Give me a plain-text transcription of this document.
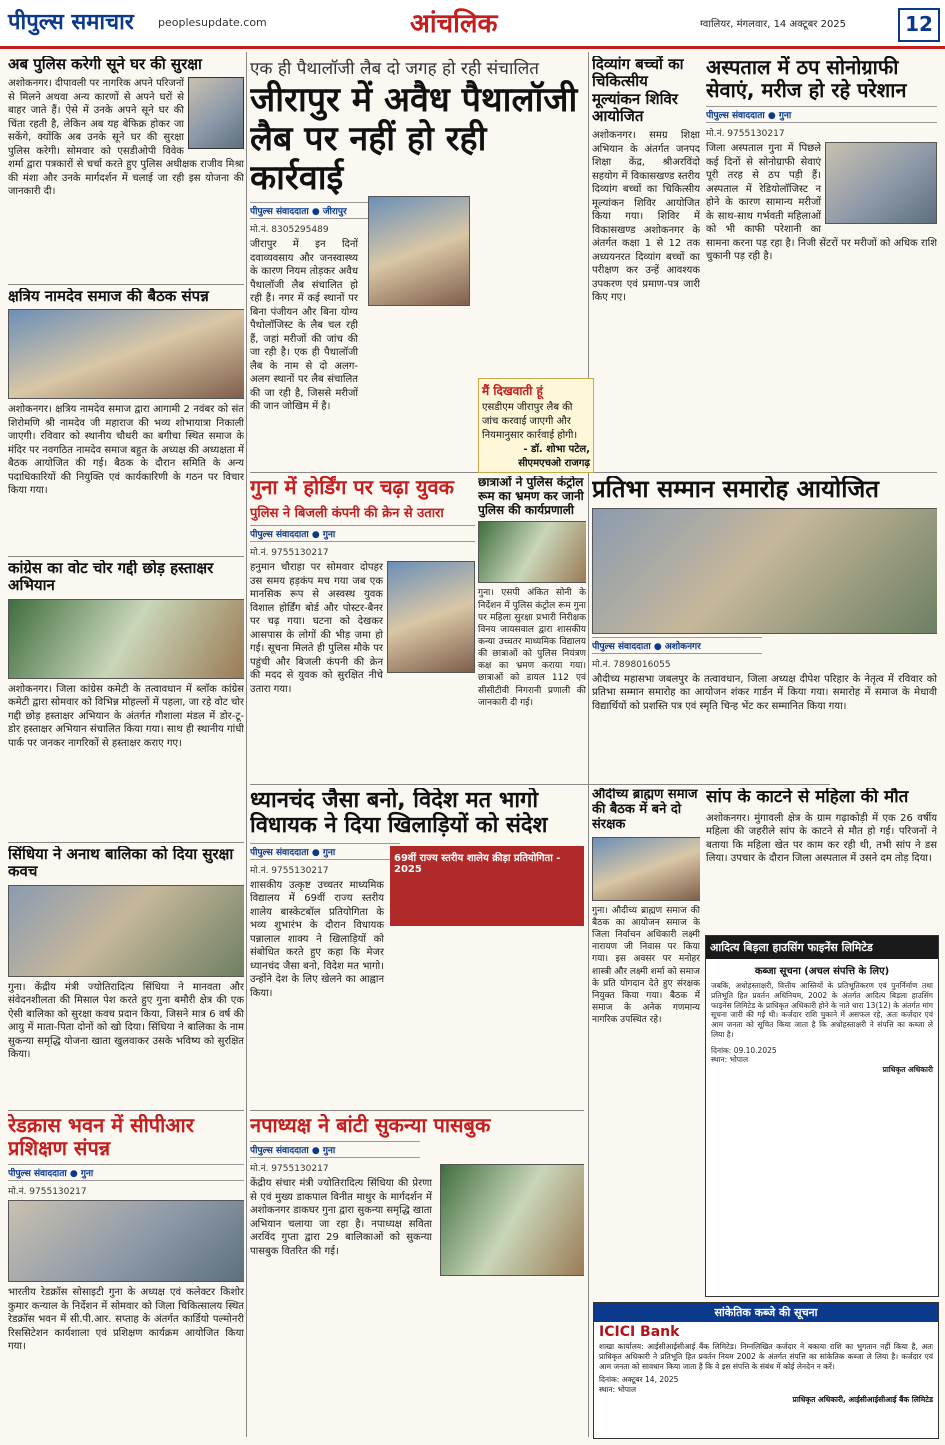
पीपुल्स समाचार peoplesupdate.com	आंचलिक	ग्वालियर, मंगलवार, 14 अक्टूबर 2025	12
अब पुलिस करेगी सूने घर की सुरक्षा
अशोकनगर। दीपावली पर नागरिक अपने परिजनों से मिलने अथवा अन्य कारणों से अपने घरों से बाहर जाते हैं। ऐसे में उनके अपने सूने घर की चिंता रहती है, लेकिन अब यह बेफिक्र होकर जा सकेंगे, क्योंकि अब उनके सूने घर की सुरक्षा पुलिस करेगी। सोमवार को एसडीओपी विवेक शर्मा द्वारा पत्रकारों से चर्चा करते हुए पुलिस अधीक्षक राजीव मिश्रा की मंशा और उनके मार्गदर्शन में चलाई जा रही इस योजना की जानकारी दी।
क्षत्रिय नामदेव समाज की बैठक संपन्न
अशोकनगर। क्षत्रिय नामदेव समाज द्वारा आगामी 2 नवंबर को संत शिरोमणि श्री नामदेव जी महाराज की भव्य शोभायात्रा निकाली जाएगी। रविवार को स्थानीय चौधरी का बगीचा स्थित समाज के मंदिर पर नवगठित नामदेव समाज बहुत के अध्यक्ष की अध्यक्षता में बैठक आयोजित की गई। बैठक के दौरान समिति के अन्य पदाधिकारियों की नियुक्ति एवं कार्यकारिणी के गठन पर विचार किया गया।
कांग्रेस का वोट चोर गद्दी छोड़ हस्ताक्षर अभियान
अशोकनगर। जिला कांग्रेस कमेटी के तत्वावधान में ब्लॉक कांग्रेस कमेटी द्वारा सोमवार को विभिन्न मोहल्लों में पहला, जा रहे वोट चोर गद्दी छोड़ हस्ताक्षर अभियान के अंतर्गत गौशाला मंडल में डोर-टू-डोर हस्ताक्षर अभियान संचालित किया गया। साथ ही स्थानीय गांधी पार्क पर जनकर नागरिकों से हस्ताक्षर कराए गए।
सिंधिया ने अनाथ बालिका को दिया सुरक्षा कवच
गुना। केंद्रीय मंत्री ज्योतिरादित्य सिंधिया ने मानवता और संवेदनशीलता की मिसाल पेश करते हुए गुना बमौरी क्षेत्र की एक ऐसी बालिका को सुरक्षा कवच प्रदान किया, जिसने मात्र 6 वर्ष की आयु में माता-पिता दोनों को खो दिया। सिंधिया ने बालिका के नाम सुकन्या समृद्धि योजना खाता खुलवाकर उसके भविष्य को सुरक्षित किया।
रेडक्रास भवन में सीपीआर प्रशिक्षण संपन्न
पीपुल्स संवाददाता ● गुना
मो.नं. 9755130217
भारतीय रेडक्रॉस सोसाइटी गुना के अध्यक्ष एवं कलेक्टर किशोर कुमार कन्याल के निर्देशन में सोमवार को जिला चिकित्सालय स्थित रेडक्रॉस भवन में सी.पी.आर. सप्ताह के अंतर्गत कार्डियो पल्मोनरी रिससिटेशन कार्यशाला एवं प्रशिक्षण कार्यक्रम आयोजित किया गया।
एक ही पैथालॉजी लैब दो जगह हो रही संचालित
जीरापुर में अवैध पैथालॉजी लैब पर नहीं हो रही कार्रवाई
पीपुल्स संवाददाता ● जीरापुर
मो.नं. 8305295489
जीरापुर में इन दिनों दवाव्यवसाय और जनस्वास्थ्य के कारण नियम तोड़कर अवैध पैथालॉजी लैब संचालित हो रही हैं। नगर में कई स्थानों पर बिना पंजीयन और बिना योग्य पैथोलॉजिस्ट के लैब चल रही हैं, जहां मरीजों की जांच की जा रही है। एक ही पैथालॉजी लैब के नाम से दो अलग-अलग स्थानों पर लैब संचालित की जा रही है, जिससे मरीजों की जान जोखिम में है।
मैं दिखवाती हूं
एसडीएम जीरापुर लैब की जांच करवाई जाएगी और नियमानुसार कार्रवाई होगी।
- डॉ. शोभा पटेल, सीएमएचओ राजगढ़
दिव्यांग बच्चों का चिकित्सीय मूल्यांकन शिविर आयोजित
अशोकनगर। समग्र शिक्षा अभियान के अंतर्गत जनपद शिक्षा केंद्र, श्रीअरविंदो सहयोग में विकासखण्ड स्तरीय दिव्यांग बच्चों का चिकित्सीय मूल्यांकन शिविर आयोजित किया गया। शिविर में विकासखण्ड अशोकनगर के अंतर्गत कक्षा 1 से 12 तक अध्ययनरत दिव्यांग बच्चों का परीक्षण कर उन्हें आवश्यक उपकरण एवं प्रमाण-पत्र जारी किए गए।
अस्पताल में ठप सोनोग्राफी सेवाएं, मरीज हो रहे परेशान
पीपुल्स संवाददाता ● गुना
मो.नं. 9755130217
जिला अस्पताल गुना में पिछले कई दिनों से सोनोग्राफी सेवाएं पूरी तरह से ठप पड़ी हैं। अस्पताल में रेडियोलॉजिस्ट न होने के कारण सामान्य मरीजों के साथ-साथ गर्भवती महिलाओं को भी काफी परेशानी का सामना करना पड़ रहा है। निजी सेंटरों पर मरीजों को अधिक राशि चुकानी पड़ रही है।
गुना में होर्डिंग पर चढ़ा युवक
पुलिस ने बिजली कंपनी की क्रेन से उतारा
पीपुल्स संवाददाता ● गुना
मो.नं. 9755130217
हनुमान चौराहा पर सोमवार दोपहर उस समय हड़कंप मच गया जब एक मानसिक रूप से अस्वस्थ युवक विशाल होर्डिंग बोर्ड और पोस्टर-बैनर पर चढ़ गया। घटना को देखकर आसपास के लोगों की भीड़ जमा हो गई। सूचना मिलते ही पुलिस मौके पर पहुंची और बिजली कंपनी की क्रेन की मदद से युवक को सुरक्षित नीचे उतारा गया।
छात्राओं ने पुलिस कंट्रोल रूम का भ्रमण कर जानी पुलिस की कार्यप्रणाली
गुना। एसपी अंकित सोनी के निर्देशन में पुलिस कंट्रोल रूम गुना पर महिला सुरक्षा प्रभारी निरीक्षक विनय जायसवाल द्वारा शासकीय कन्या उच्चतर माध्यमिक विद्यालय की छात्राओं को पुलिस नियंत्रण कक्ष का भ्रमण कराया गया। छात्राओं को डायल 112 एवं सीसीटीवी निगरानी प्रणाली की जानकारी दी गई।
प्रतिभा सम्मान समारोह आयोजित
पीपुल्स संवाददाता ● अशोकनगर
मो.नं. 7898016055
औदीच्य महासभा जबलपुर के तत्वावधान, जिला अध्यक्ष दीपेश परिहार के नेतृत्व में रविवार को प्रतिभा सम्मान समारोह का आयोजन शंकर गार्डन में किया गया। समारोह में समाज के मेधावी विद्यार्थियों को प्रशस्ति पत्र एवं स्मृति चिन्ह भेंट कर सम्मानित किया गया।
ध्यानचंद जैसा बनो, विदेश मत भागो विधायक ने दिया खिलाड़ियों को संदेश
पीपुल्स संवाददाता ● गुना
मो.नं. 9755130217
69वीं राज्य स्तरीय शालेय क्रीड़ा प्रतियोगिता - 2025
शासकीय उत्कृष्ट उच्चतर माध्यमिक विद्यालय में 69वीं राज्य स्तरीय शालेय बास्केटबॉल प्रतियोगिता के भव्य शुभारंभ के दौरान विधायक पन्नालाल शाक्य ने खिलाड़ियों को संबोधित करते हुए कहा कि मेजर ध्यानचंद जैसा बनो, विदेश मत भागो। उन्होंने देश के लिए खेलने का आह्वान किया।
औदीच्य ब्राह्मण समाज की बैठक में बने दो संरक्षक
गुना। औदीच्य ब्राह्मण समाज की बैठक का आयोजन समाज के जिला निर्वाचन अधिकारी लक्ष्मी नारायण जी निवास पर किया गया। इस अवसर पर मनोहर शास्त्री और लक्ष्मी शर्मा को समाज के प्रति योगदान देते हुए संरक्षक नियुक्त किया गया। बैठक में समाज के अनेक गणमान्य नागरिक उपस्थित रहे।
सांप के काटने से महिला की मौत
अशोकनगर। मुंगावली क्षेत्र के ग्राम गढ़ाकोड़ी में एक 26 वर्षीय महिला की जहरीले सांप के काटने से मौत हो गई। परिजनों ने बताया कि महिला खेत पर काम कर रही थी, तभी सांप ने डस लिया। उपचार के दौरान जिला अस्पताल में उसने दम तोड़ दिया।
आदित्य बिड़ला हाउसिंग फाइनेंस लिमिटेड
कब्जा सूचना (अचल संपत्ति के लिए)
जबकि, अधोहस्ताक्षरी, वित्तीय आस्तियों के प्रतिभूतिकरण एवं पुनर्निर्माण तथा प्रतिभूति हित प्रवर्तन अधिनियम, 2002 के अंतर्गत आदित्य बिड़ला हाउसिंग फाइनेंस लिमिटेड के प्राधिकृत अधिकारी होने के नाते धारा 13(12) के अंतर्गत मांग सूचना जारी की गई थी। कर्जदार राशि चुकाने में असफल रहे, अतः कर्जदार एवं आम जनता को सूचित किया जाता है कि अधोहस्ताक्षरी ने संपत्ति का कब्जा ले लिया है।
दिनांक: 09.10.2025
स्थान: भोपाल
प्राधिकृत अधिकारी
नपाध्यक्ष ने बांटी सुकन्या पासबुक
पीपुल्स संवाददाता ● गुना
मो.नं. 9755130217
केंद्रीय संचार मंत्री ज्योतिरादित्य सिंधिया की प्रेरणा से एवं मुख्य डाकपाल विनीत माथुर के मार्गदर्शन में अशोकनगर डाकघर गुना द्वारा सुकन्या समृद्धि खाता अभियान चलाया जा रहा है। नपाध्यक्ष सविता अरविंद गुप्ता द्वारा 29 बालिकाओं को सुकन्या पासबुक वितरित की गई।
सांकेतिक कब्जे की सूचना
ICICI Bank
शाखा कार्यालय: आईसीआईसीआई बैंक लिमिटेड। निम्नलिखित कर्जदार ने बकाया राशि का भुगतान नहीं किया है, अतः प्राधिकृत अधिकारी ने प्रतिभूति हित प्रवर्तन नियम 2002 के अंतर्गत संपत्ति का सांकेतिक कब्जा ले लिया है। कर्जदार एवं आम जनता को सावधान किया जाता है कि वे इस संपत्ति के संबंध में कोई लेनदेन न करें।
दिनांक: अक्टूबर 14, 2025
स्थान: भोपाल
प्राधिकृत अधिकारी, आईसीआईसीआई बैंक लिमिटेड
